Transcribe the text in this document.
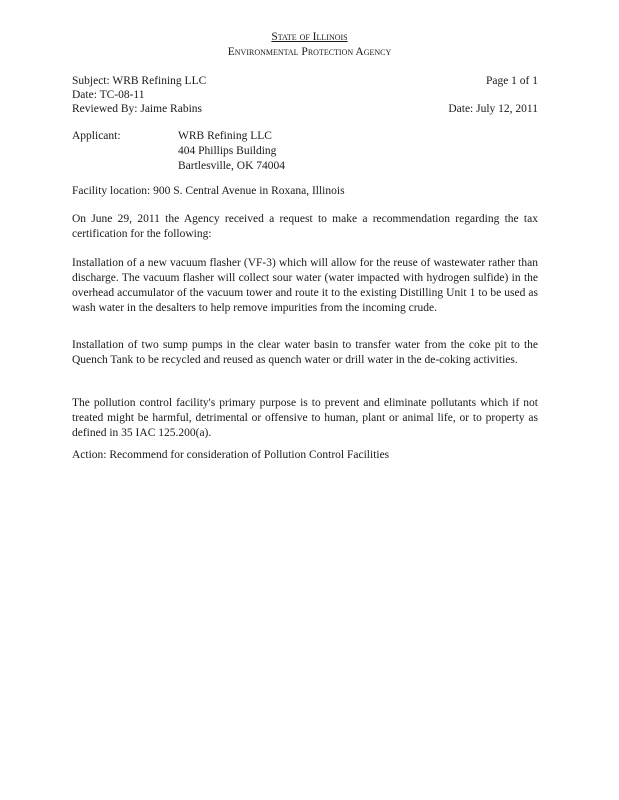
State of Illinois
Environmental Protection Agency
Subject: WRB Refining LLC	Page 1 of 1
Date: TC-08-11
Reviewed By: Jaime Rabins	Date: July 12, 2011
Applicant:	WRB Refining LLC
404 Phillips Building
Bartlesville, OK 74004
Facility location: 900 S. Central Avenue in Roxana, Illinois
On June 29, 2011 the Agency received a request to make a recommendation regarding the tax certification for the following:
Installation of a new vacuum flasher (VF-3) which will allow for the reuse of wastewater rather than discharge. The vacuum flasher will collect sour water (water impacted with hydrogen sulfide) in the overhead accumulator of the vacuum tower and route it to the existing Distilling Unit 1 to be used as wash water in the desalters to help remove impurities from the incoming crude.
Installation of two sump pumps in the clear water basin to transfer water from the coke pit to the Quench Tank to be recycled and reused as quench water or drill water in the de-coking activities.
The pollution control facility's primary purpose is to prevent and eliminate pollutants which if not treated might be harmful, detrimental or offensive to human, plant or animal life, or to property as defined in 35 IAC 125.200(a).
Action: Recommend for consideration of Pollution Control Facilities
